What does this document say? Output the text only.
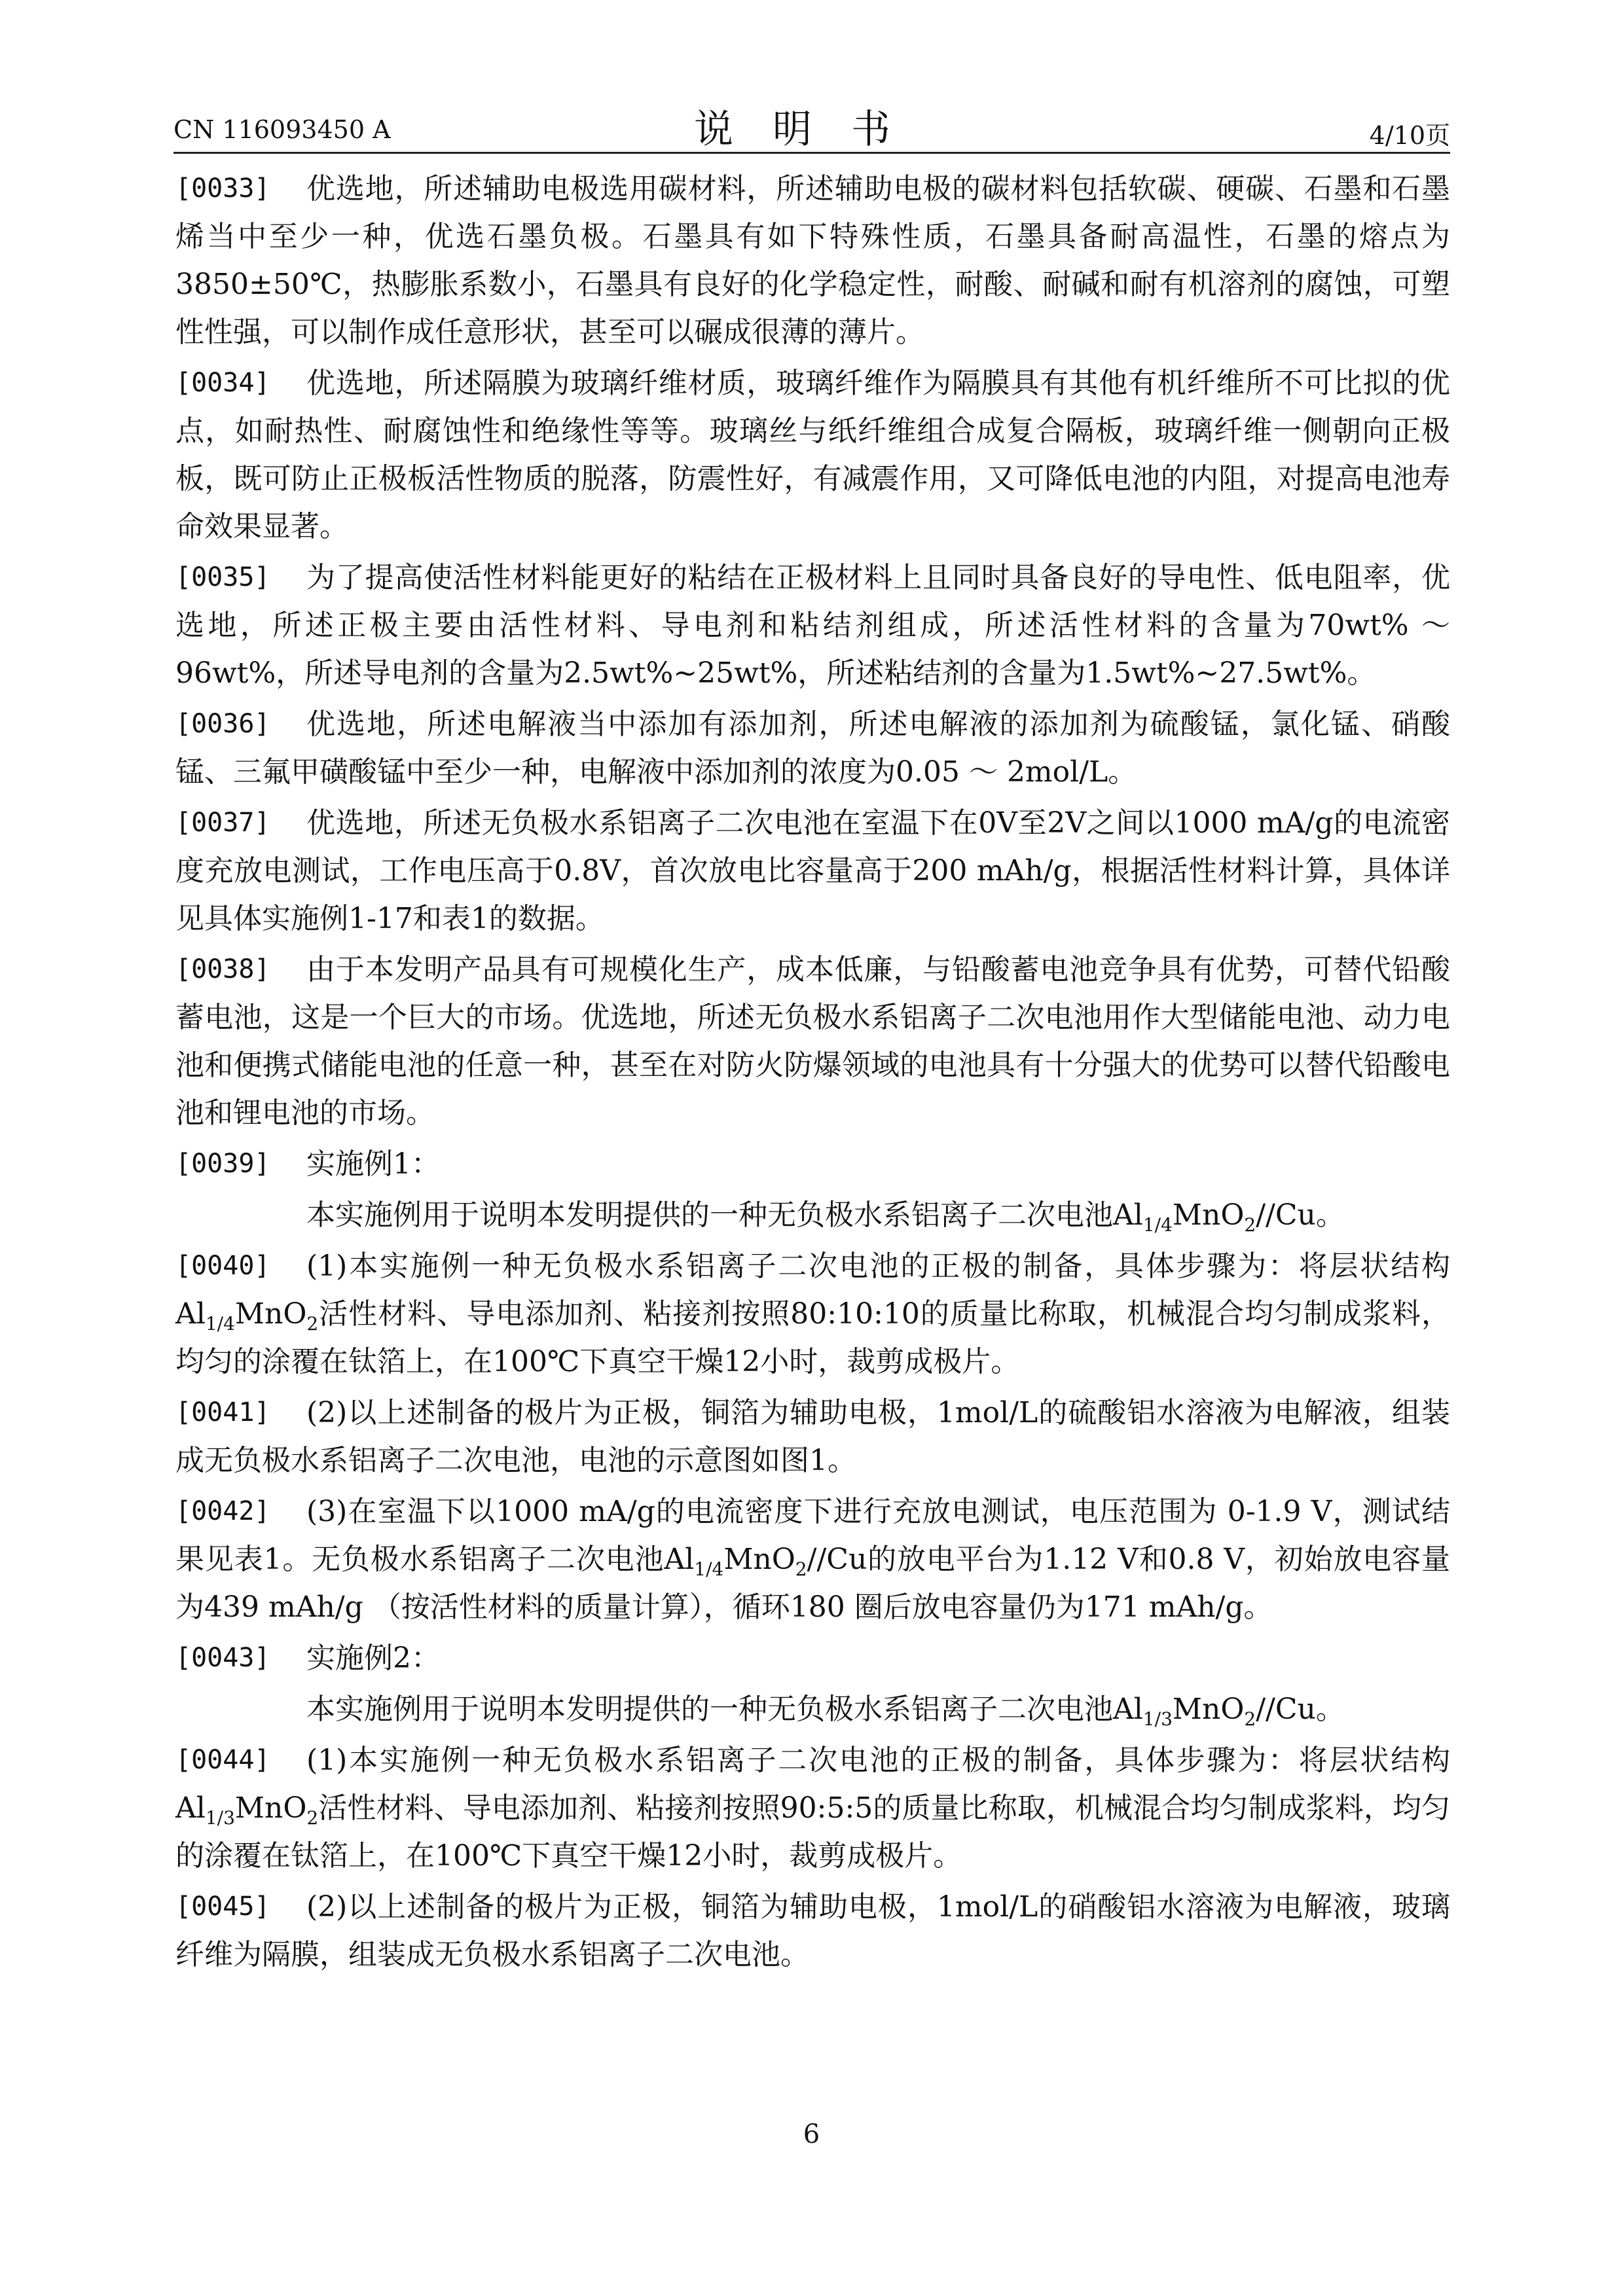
CN 116093450 A	说明书	4/10页
[0033]	优选地，所述辅助电极选用碳材料，所述辅助电极的碳材料包括软碳、硬碳、石墨和石墨烯当中至少一种，优选石墨负极。石墨具有如下特殊性质，石墨具备耐高温性，石墨的熔点为3850±50℃，热膨胀系数小，石墨具有良好的化学稳定性，耐酸、耐碱和耐有机溶剂的腐蚀，可塑性性强，可以制作成任意形状，甚至可以碾成很薄的薄片。
[0034]	优选地，所述隔膜为玻璃纤维材质，玻璃纤维作为隔膜具有其他有机纤维所不可比拟的优点，如耐热性、耐腐蚀性和绝缘性等等。玻璃丝与纸纤维组合成复合隔板，玻璃纤维一侧朝向正极板，既可防止正极板活性物质的脱落，防震性好，有减震作用，又可降低电池的内阻，对提高电池寿命效果显著。
[0035]	为了提高使活性材料能更好的粘结在正极材料上且同时具备良好的导电性、低电阻率，优选地，所述正极主要由活性材料、导电剂和粘结剂组成，所述活性材料的含量为70wt% ～ 96wt%，所述导电剂的含量为2.5wt%~25wt%，所述粘结剂的含量为1.5wt%~27.5wt%。
[0036]	优选地，所述电解液当中添加有添加剂，所述电解液的添加剂为硫酸锰，氯化锰、硝酸锰、三氟甲磺酸锰中至少一种，电解液中添加剂的浓度为0.05 ～ 2mol/L。
[0037]	优选地，所述无负极水系铝离子二次电池在室温下在0V至2V之间以1000 mA/g的电流密度充放电测试，工作电压高于0.8V，首次放电比容量高于200 mAh/g，根据活性材料计算，具体详见具体实施例1-17和表1的数据。
[0038]	由于本发明产品具有可规模化生产，成本低廉，与铅酸蓄电池竞争具有优势，可替代铅酸蓄电池，这是一个巨大的市场。优选地，所述无负极水系铝离子二次电池用作大型储能电池、动力电池和便携式储能电池的任意一种，甚至在对防火防爆领域的电池具有十分强大的优势可以替代铅酸电池和锂电池的市场。
[0039]	实施例1：
本实施例用于说明本发明提供的一种无负极水系铝离子二次电池$Al_{1/4}MnO_2//Cu$。
[0040]	(1)本实施例一种无负极水系铝离子二次电池的正极的制备，具体步骤为：将层状结构$Al_{1/4}MnO_2$活性材料、导电添加剂、粘接剂按照80:10:10的质量比称取，机械混合均匀制成浆料，均匀的涂覆在钛箔上，在100℃下真空干燥12小时，裁剪成极片。
[0041]	(2)以上述制备的极片为正极，铜箔为辅助电极，1mol/L的硫酸铝水溶液为电解液，组装成无负极水系铝离子二次电池，电池的示意图如图1。
[0042]	(3)在室温下以1000 mA/g的电流密度下进行充放电测试，电压范围为 0-1.9 V，测试结果见表1。无负极水系铝离子二次电池$Al_{1/4}MnO_2//Cu$的放电平台为1.12 V和0.8 V，初始放电容量为439 mAh/g （按活性材料的质量计算），循环180 圈后放电容量仍为171 mAh/g。
[0043]	实施例2：
本实施例用于说明本发明提供的一种无负极水系铝离子二次电池$Al_{1/3}MnO_2//Cu$。
[0044]	(1)本实施例一种无负极水系铝离子二次电池的正极的制备，具体步骤为：将层状结构$Al_{1/3}MnO_2$活性材料、导电添加剂、粘接剂按照90:5:5的质量比称取，机械混合均匀制成浆料，均匀的涂覆在钛箔上，在100℃下真空干燥12小时，裁剪成极片。
[0045]	(2)以上述制备的极片为正极，铜箔为辅助电极，1mol/L的硝酸铝水溶液为电解液，玻璃纤维为隔膜，组装成无负极水系铝离子二次电池。
6
